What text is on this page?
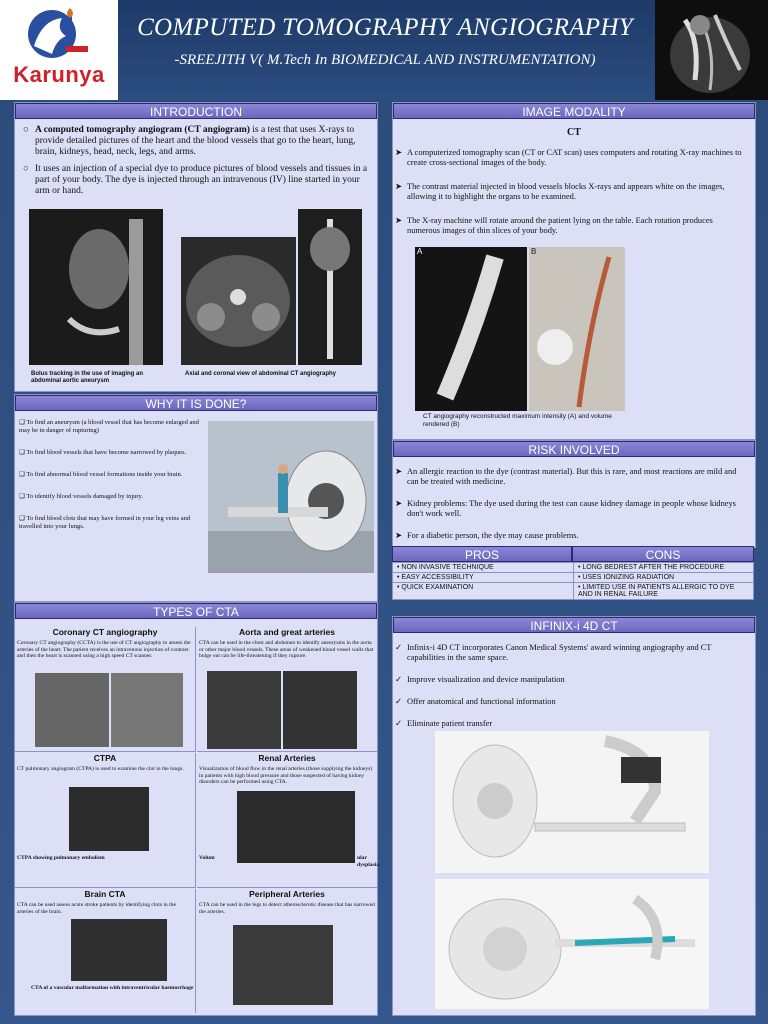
Karunya
COMPUTED TOMOGRAPHY ANGIOGRAPHY
-SREEJITH V( M.Tech In BIOMEDICAL AND INSTRUMENTATION)
INTRODUCTION
○ A computed tomography angiogram (CT angiogram) is a test that uses X-rays to provide detailed pictures of the heart and the blood vessels that go to the heart, lung, brain, kidneys, head, neck, legs, and arms.
○ It uses an injection of a special dye to produce pictures of blood vessels and tissues in a part of your body. The dye is injected through an intravenous (IV) line started in your arm or hand.
Bolus tracking in the use of imaging an abdominal aortic aneurysm
Axial and coronal view of abdominal CT angiography
WHY IT IS DONE?
❑ To find an aneurysm (a blood vessel that has become enlarged and may be in danger of rupturing)
❑ To find blood vessels that have become narrowed by plaques.
❑ To find abnormal blood vessel formations inside your brain.
❑ To identify blood vessels damaged by injury.
❑ To find blood clots that may have formed in your leg veins and travelled into your lungs.
TYPES OF CTA
Coronary CT angiography
Coronary CT angiography (CCTA) is the use of CT angiography to assess the arteries of the heart. The patient receives an intravenous injection of contrast and then the heart is scanned using a high speed CT scanner.
Aorta and great arteries
CTA can be used in the chest and abdomen to identify aneurysms in the aorta or other major blood vessels. These areas of weakened blood vessel walls that bulge out can be life-threatening if they rupture.
CTPA
CT pulmonary angiogram (CTPA) is used to examine the clot in the lungs.
CTPA showing pulmonary embolism
Renal Arteries
Visualization of blood flow in the renal arteries (those supplying the kidneys) in patients with high blood pressure and those suspected of having kidney disorders can be performed using CTA.
Volum	ular dysplasia
Brain CTA
CTA can be used assess acute stroke patients by identifying clots in the arteries of the brain.
CTA of a vascular malformation with intraventricular haemorrhage
Peripheral Arteries
CTA can be used in the legs to detect atherosclerotic disease that has narrowed the arteries.
IMAGE MODALITY
CT
➤ A computerized tomography scan (CT or CAT scan) uses computers and rotating X-ray machines to create cross-sectional images of the body.
➤ The contrast material injected in blood vessels blocks X-rays and appears white on the images, allowing it to highlight the organs to be examined.
➤ The X-ray machine will rotate around the patient lying on the table. Each rotation produces numerous images of thin slices of your body.
A	B
CT angiography reconstructed maximum intensity (A) and volume rendered (B)
RISK INVOLVED
➤ An allergic reaction to the dye (contrast material). But this is rare, and most reactions are mild and can be treated with medicine.
➤ Kidney problems: The dye used during the test can cause kidney damage in people whose kidneys don't work well.
➤ For a diabetic person, the dye may cause problems.
PROS	CONS
• NON INVASIVE TECHNIQUE	• LONG BEDREST AFTER THE PROCEDURE
• EASY ACCESSIBILITY	• USES IONIZING RADIATION
• QUICK EXAMINATION	• LIMITED USE IN PATIENTS ALLERGIC TO DYE AND IN RENAL FAILURE
INFINIX-i 4D CT
✓ Infinix-i 4D CT incorporates Canon Medical Systems' award winning angiography and CT capabilities in the same space.
✓ Improve visualization and device manipulation
✓ Offer anatomical and functional information
✓ Eliminate patient transfer
